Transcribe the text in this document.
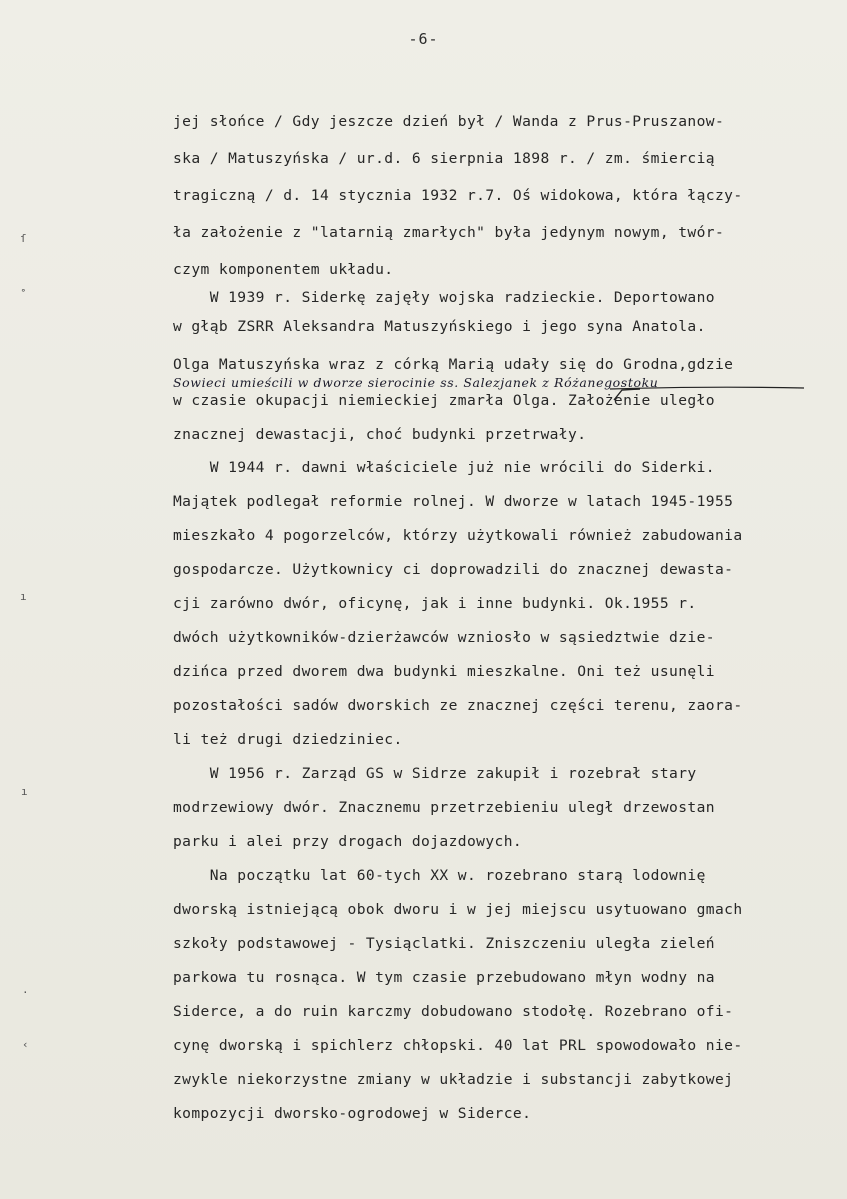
-6-
ſ
˚
ı
ı
·
‹

jej słońce / Gdy jeszcze dzień był / Wanda z Prus-Pruszanow-

ska / Matuszyńska / ur.d. 6 sierpnia 1898 r. / zm. śmiercią

tragiczną / d. 14 stycznia 1932 r.7. Oś widokowa, która łączy-

ła założenie z "latarnią zmarłych" była jedynym nowym, twór-

czym komponentem układu.

W 1939 r. Siderkę zajęły wojska radzieckie. Deportowano

w głąb ZSRR Aleksandra Matuszyńskiego i jego syna Anatola.

Olga Matuszyńska wraz z córką Marią udały się do Grodna,gdzie

Sowieci umieścili w dworze sierocinie ss. Salezjanek z Różanegostoku

w czasie okupacji niemieckiej zmarła Olga. Założenie uległo

znacznej dewastacji, choć budynki przetrwały.

W 1944 r. dawni właściciele już nie wrócili do Siderki.

Majątek podlegał reformie rolnej. W dworze w latach 1945-1955

mieszkało 4 pogorzelców, którzy użytkowali również zabudowania

gospodarcze. Użytkownicy ci doprowadzili do znacznej dewasta-

cji zarówno dwór, oficynę, jak i inne budynki. Ok.1955 r.

dwóch użytkowników-dzierżawców wzniosło w sąsiedztwie dzie-

dzińca przed dworem dwa budynki mieszkalne. Oni też usunęli

pozostałości sadów dworskich ze znacznej części terenu, zaora-

li też drugi dziedziniec.

W 1956 r. Zarząd GS w Sidrze zakupił i rozebrał stary

modrzewiowy dwór. Znacznemu przetrzebieniu uległ drzewostan

parku i alei przy drogach dojazdowych.

Na początku lat 60-tych XX w. rozebrano starą lodownię

dworską istniejącą obok dworu i w jej miejscu usytuowano gmach

szkoły podstawowej - Tysiąclatki. Zniszczeniu uległa zieleń

parkowa tu rosnąca. W tym czasie przebudowano młyn wodny na

Siderce, a do ruin karczmy dobudowano stodołę. Rozebrano ofi-

cynę dworską i spichlerz chłopski. 40 lat PRL spowodowało nie-

zwykle niekorzystne zmiany w układzie i substancji zabytkowej

kompozycji dworsko-ogrodowej w Siderce.
